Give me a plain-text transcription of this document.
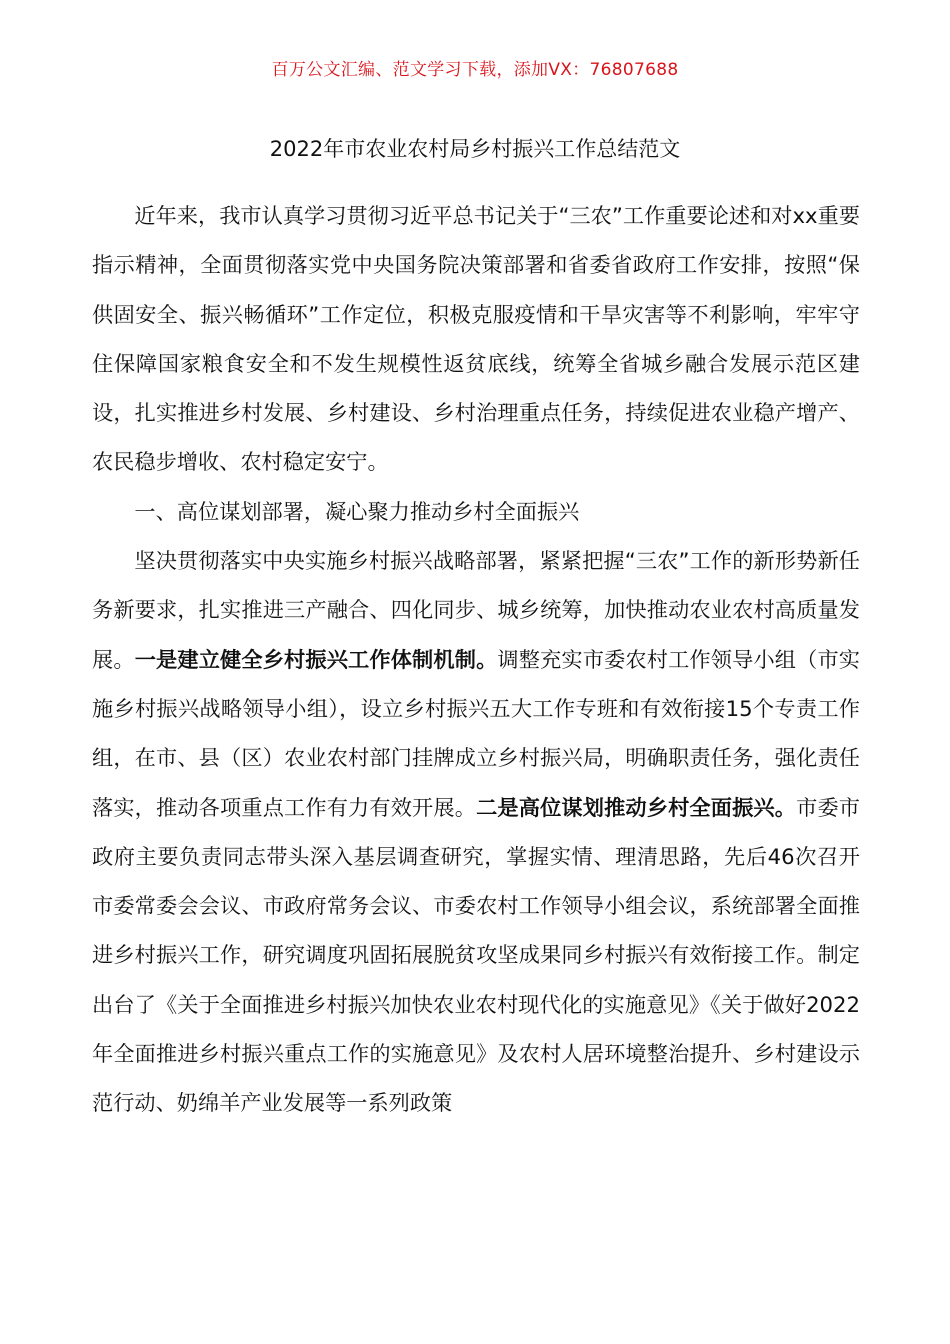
百万公文汇编、范文学习下载，添加VX：76807688
2022年市农业农村局乡村振兴工作总结范文

近年来，我市认真学习贯彻习近平总书记关于“三农”工作重要论述和对xx重要指示精神，全面贯彻落实党中央国务院决策部署和省委省政府工作安排，按照“保供固安全、振兴畅循环”工作定位，积极克服疫情和干旱灾害等不利影响，牢牢守住保障国家粮食安全和不发生规模性返贫底线，统筹全省城乡融合发展示范区建设，扎实推进乡村发展、乡村建设、乡村治理重点任务，持续促进农业稳产增产、农民稳步增收、农村稳定安宁。

一、高位谋划部署，凝心聚力推动乡村全面振兴

坚决贯彻落实中央实施乡村振兴战略部署，紧紧把握“三农”工作的新形势新任务新要求，扎实推进三产融合、四化同步、城乡统筹，加快推动农业农村高质量发展。一是建立健全乡村振兴工作体制机制。调整充实市委农村工作领导小组（市实施乡村振兴战略领导小组），设立乡村振兴五大工作专班和有效衔接15个专责工作组，在市、县（区）农业农村部门挂牌成立乡村振兴局，明确职责任务，强化责任落实，推动各项重点工作有力有效开展。二是高位谋划推动乡村全面振兴。市委市政府主要负责同志带头深入基层调查研究，掌握实情、理清思路，先后46次召开市委常委会会议、市政府常务会议、市委农村工作领导小组会议，系统部署全面推进乡村振兴工作，研究调度巩固拓展脱贫攻坚成果同乡村振兴有效衔接工作。制定出台了《关于全面推进乡村振兴加快农业农村现代化的实施意见》《关于做好2022年全面推进乡村振兴重点工作的实施意见》及农村人居环境整治提升、乡村建设示范行动、奶绵羊产业发展等一系列政策
